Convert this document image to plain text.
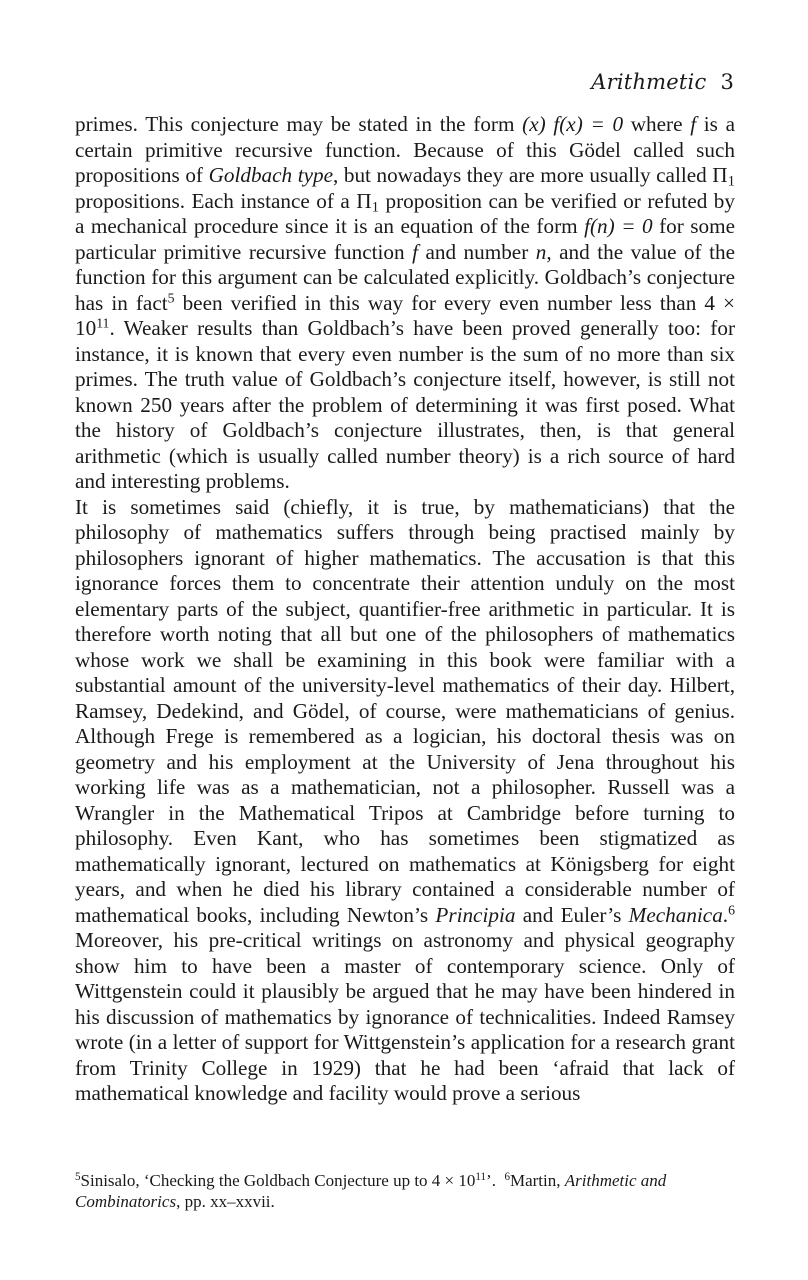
Arithmetic 3

primes. This conjecture may be stated in the form (x) f(x) = 0 where f is a certain primitive recursive function. Because of this Gödel called such propositions of Goldbach type, but nowadays they are more usually called $\Pi_1$ propositions. Each instance of a $\Pi_1$ proposition can be verified or refuted by a mechanical procedure since it is an equation of the form f(n) = 0 for some particular primitive recursive function f and number n, and the value of the function for this argument can be calculated explicitly. Goldbach’s conjecture has in fact$^5$ been verified in this way for every even number less than $4 \times 10^{11}$. Weaker results than Goldbach’s have been proved generally too: for instance, it is known that every even number is the sum of no more than six primes. The truth value of Goldbach’s conjecture itself, however, is still not known 250 years after the problem of determining it was first posed. What the history of Goldbach’s conjecture illustrates, then, is that general arithmetic (which is usually called number theory) is a rich source of hard and interesting problems.

It is sometimes said (chiefly, it is true, by mathematicians) that the philosophy of mathematics suffers through being practised mainly by philosophers ignorant of higher mathematics. The accusation is that this ignorance forces them to concentrate their attention unduly on the most elementary parts of the subject, quantifier-free arithmetic in particular. It is therefore worth noting that all but one of the philosophers of mathematics whose work we shall be examining in this book were familiar with a substantial amount of the university-level mathematics of their day. Hilbert, Ramsey, Dedekind, and Gödel, of course, were mathematicians of genius. Although Frege is remembered as a logician, his doctoral thesis was on geometry and his employment at the University of Jena throughout his working life was as a mathematician, not a philosopher. Russell was a Wrangler in the Mathematical Tripos at Cambridge before turning to philosophy. Even Kant, who has sometimes been stigmatized as mathematically ignorant, lectured on mathematics at Königsberg for eight years, and when he died his library contained a considerable number of mathematical books, including Newton’s Principia and Euler’s Mechanica.$^6$ Moreover, his pre-critical writings on astronomy and physical geography show him to have been a master of contemporary science. Only of Wittgenstein could it plausibly be argued that he may have been hindered in his discussion of mathematics by ignorance of technicalities. Indeed Ramsey wrote (in a letter of support for Wittgenstein’s application for a research grant from Trinity College in 1929) that he had been ‘afraid that lack of mathematical knowledge and facility would prove a serious

$^5$Sinisalo, ‘Checking the Goldbach Conjecture up to $4 \times 10^{11}$’. $^6$Martin, Arithmetic and Combinatorics, pp. xx–xxvii.
